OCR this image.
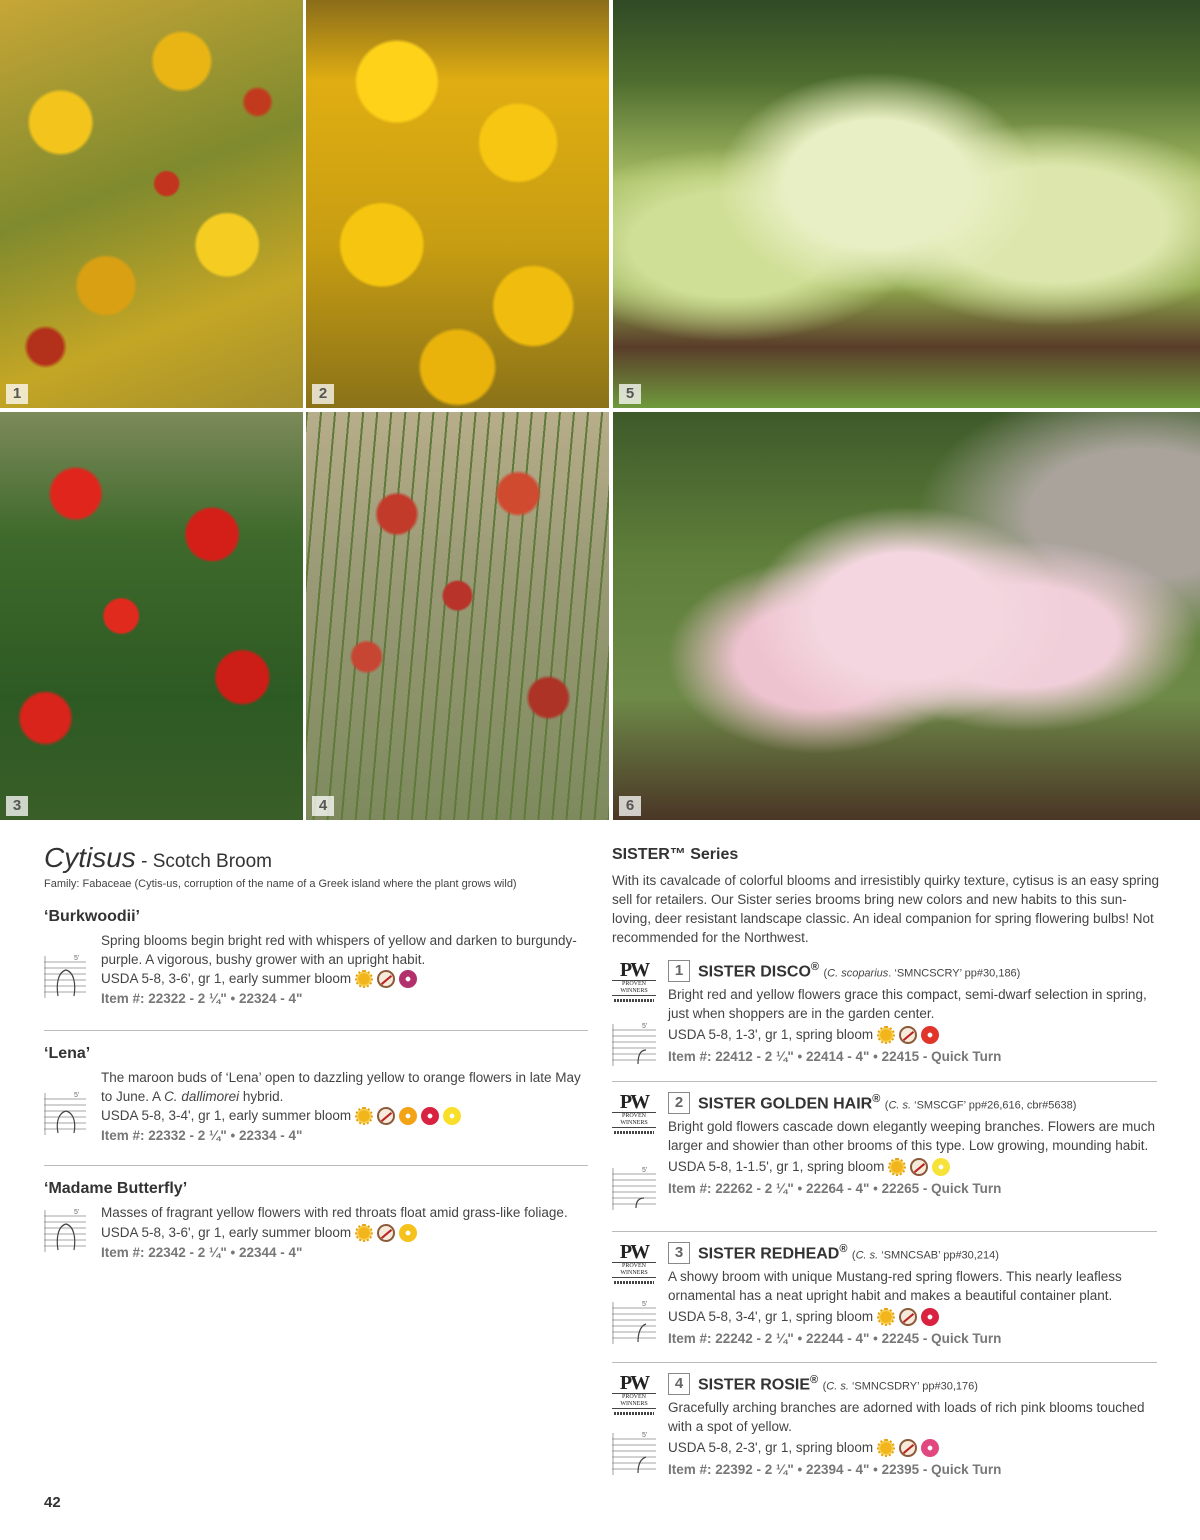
1	2	5
3	4	6
Cytisus - Scotch Broom
Family: Fabaceae (Cytis-us, corruption of the name of a Greek island where the plant grows wild)
‘Burkwoodii’
5'
Spring blooms begin bright red with whispers of yellow and darken to burgundy-purple. A vigorous, bushy grower with an upright habit.
USDA 5-8, 3-6', gr 1, early summer bloom
Item #: 22322 - 2 ¼" • 22324 - 4"
‘Lena’
5'
The maroon buds of ‘Lena’ open to dazzling yellow to orange flowers in late May to June. A C. dallimorei hybrid.
USDA 5-8, 3-4', gr 1, early summer bloom
Item #: 22332 - 2 ¼" • 22334 - 4"
‘Madame Butterfly’
5' Masses of fragrant yellow flowers with red throats float amid grass-like foliage.
USDA 5-8, 3-6', gr 1, early summer bloom
Item #: 22342 - 2 ¼" • 22344 - 4"
SISTER™ Series
With its cavalcade of colorful blooms and irresistibly quirky texture, cytisus is an easy spring sell for retailers. Our Sister series brooms bring new colors and new habits to this sun-loving, deer resistant landscape classic. An ideal companion for spring flowering bulbs! Not recommended for the Northwest.
PW
PROVEN WINNERS
5'
1 SISTER DISCO® (C. scoparius. ‘SMNCSCRY’ pp#30,186)
Bright red and yellow flowers grace this compact, semi-dwarf selection in spring, just when shoppers are in the garden center.
USDA 5-8, 1-3', gr 1, spring bloom
Item #: 22412 - 2 ¼" • 22414 - 4" • 22415 - Quick Turn
PW
PROVEN WINNERS
5'
2 SISTER GOLDEN HAIR® (C. s. ‘SMSCGF’ pp#26,616, cbr#5638)
Bright gold flowers cascade down elegantly weeping branches. Flowers are much larger and showier than other brooms of this type. Low growing, mounding habit.
USDA 5-8, 1-1.5', gr 1, spring bloom
Item #: 22262 - 2 ¼" • 22264 - 4" • 22265 - Quick Turn
PW
PROVEN WINNERS
5'
3 SISTER REDHEAD® (C. s. ‘SMNCSAB’ pp#30,214)
A showy broom with unique Mustang-red spring flowers. This nearly leafless ornamental has a neat upright habit and makes a beautiful container plant.
USDA 5-8, 3-4', gr 1, spring bloom
Item #: 22242 - 2 ¼" • 22244 - 4" • 22245 - Quick Turn
PW
PROVEN WINNERS
5'
4 SISTER ROSIE® (C. s. ‘SMNCSDRY’ pp#30,176)
Gracefully arching branches are adorned with loads of rich pink blooms touched with a spot of yellow.
USDA 5-8, 2-3', gr 1, spring bloom
Item #: 22392 - 2 ¼" • 22394 - 4" • 22395 - Quick Turn
42
